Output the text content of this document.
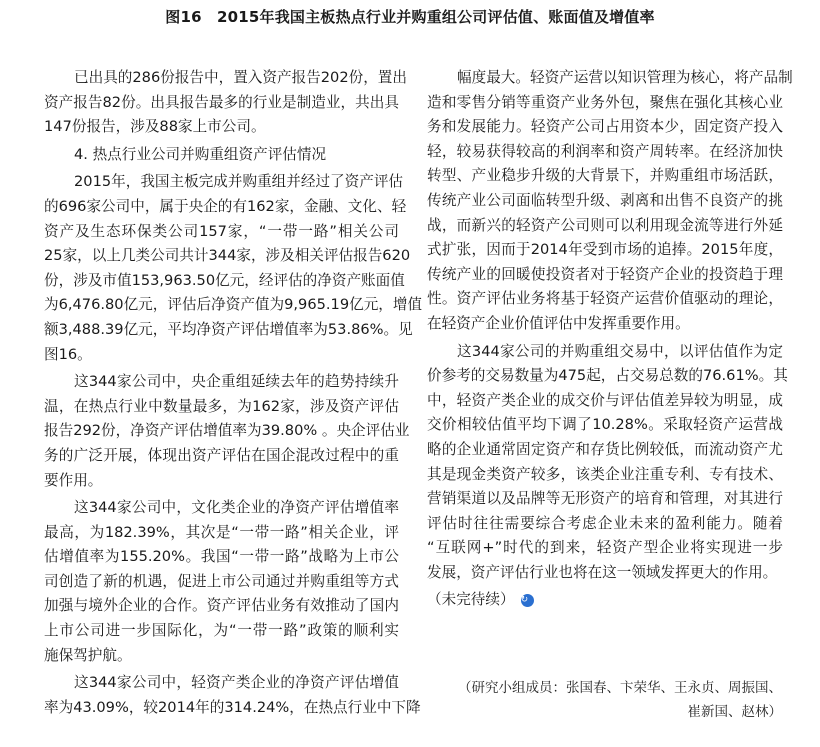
图16　2015年我国主板热点行业并购重组公司评估值、账面值及增值率
已出具的286份报告中，置入资产报告202份，置出
资产报告82份。出具报告最多的行业是制造业，共出具
147份报告，涉及88家上市公司。
4. 热点行业公司并购重组资产评估情况
2015年，我国主板完成并购重组并经过了资产评估
的696家公司中，属于央企的有162家，金融、文化、轻
资产及生态环保类公司157家，“一带一路”相关公司
25家，以上几类公司共计344家，涉及相关评估报告620
份，涉及市值153,963.50亿元，经评估的净资产账面值
为6,476.80亿元，评估后净资产值为9,965.19亿元，增值
额3,488.39亿元，平均净资产评估增值率为53.86%。见
图16。
这344家公司中，央企重组延续去年的趋势持续升
温，在热点行业中数量最多，为162家，涉及资产评估
报告292份，净资产评估增值率为39.80% 。央企评估业
务的广泛开展，体现出资产评估在国企混改过程中的重
要作用。
这344家公司中，文化类企业的净资产评估增值率
最高，为182.39%，其次是“一带一路”相关企业，评
估增值率为155.20%。我国“一带一路”战略为上市公
司创造了新的机遇，促进上市公司通过并购重组等方式
加强与境外企业的合作。资产评估业务有效推动了国内
上市公司进一步国际化，为“一带一路”政策的顺利实
施保驾护航。
这344家公司中，轻资产类企业的净资产评估增值
率为43.09%，较2014年的314.24%，在热点行业中下降
幅度最大。轻资产运营以知识管理为核心，将产品制
造和零售分销等重资产业务外包，聚焦在强化其核心业
务和发展能力。轻资产公司占用资本少，固定资产投入
轻，较易获得较高的利润率和资产周转率。在经济加快
转型、产业稳步升级的大背景下，并购重组市场活跃，
传统产业公司面临转型升级、剥离和出售不良资产的挑
战，而新兴的轻资产公司则可以利用现金流等进行外延
式扩张，因而于2014年受到市场的追捧。2015年度，
传统产业的回暖使投资者对于轻资产企业的投资趋于理
性。资产评估业务将基于轻资产运营价值驱动的理论，
在轻资产企业价值评估中发挥重要作用。
这344家公司的并购重组交易中，以评估值作为定
价参考的交易数量为475起，占交易总数的76.61%。其
中，轻资产类企业的成交价与评估值差异较为明显，成
交价相较估值平均下调了10.28%。采取轻资产运营战
略的企业通常固定资产和存货比例较低，而流动资产尤
其是现金类资产较多，该类企业注重专利、专有技术、
营销渠道以及品牌等无形资产的培育和管理，对其进行
评估时往往需要综合考虑企业未来的盈利能力。随着
“互联网+”时代的到来，轻资产型企业将实现进一步
发展，资产评估行业也将在这一领域发挥更大的作用。
（未完待续） ↻
（研究小组成员：张国春、卞荣华、王永贞、周振国、
崔新国、赵林）
